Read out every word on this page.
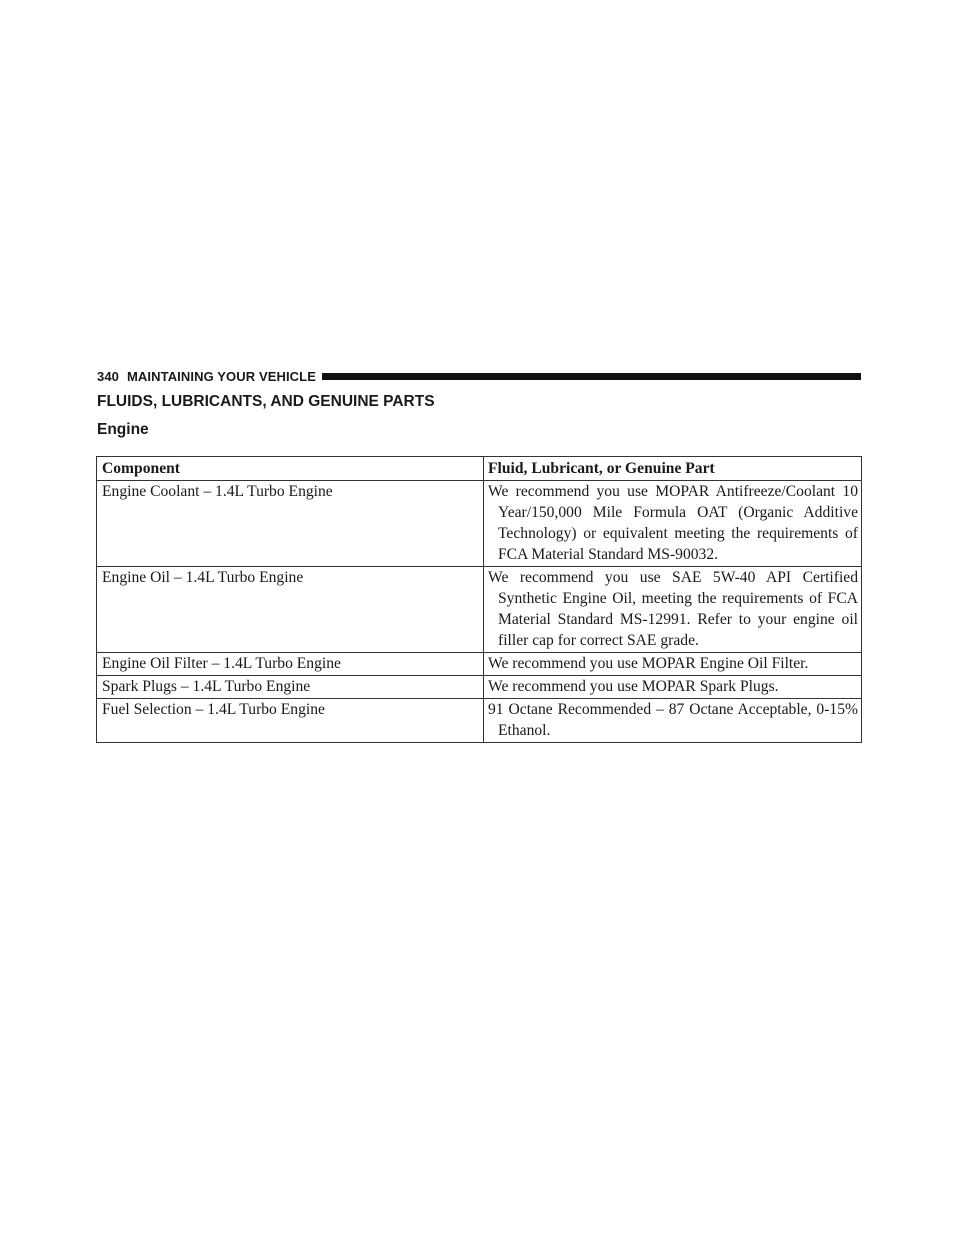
340 MAINTAINING YOUR VEHICLE
FLUIDS, LUBRICANTS, AND GENUINE PARTS
Engine
Component	Fluid, Lubricant, or Genuine Part
Engine Coolant – 1.4L Turbo Engine	We recommend you use MOPAR Antifreeze/Coolant 10 Year/150,000 Mile Formula OAT (Organic Additive Technology) or equivalent meeting the requirements of FCA Material Standard MS-90032.
Engine Oil – 1.4L Turbo Engine	We recommend you use SAE 5W-40 API Certified Synthetic Engine Oil, meeting the requirements of FCA Material Standard MS-12991. Refer to your engine oil filler cap for correct SAE grade.
Engine Oil Filter – 1.4L Turbo Engine	We recommend you use MOPAR Engine Oil Filter.
Spark Plugs – 1.4L Turbo Engine	We recommend you use MOPAR Spark Plugs.
Fuel Selection – 1.4L Turbo Engine	91 Octane Recommended – 87 Octane Acceptable, 0-15% Ethanol.
